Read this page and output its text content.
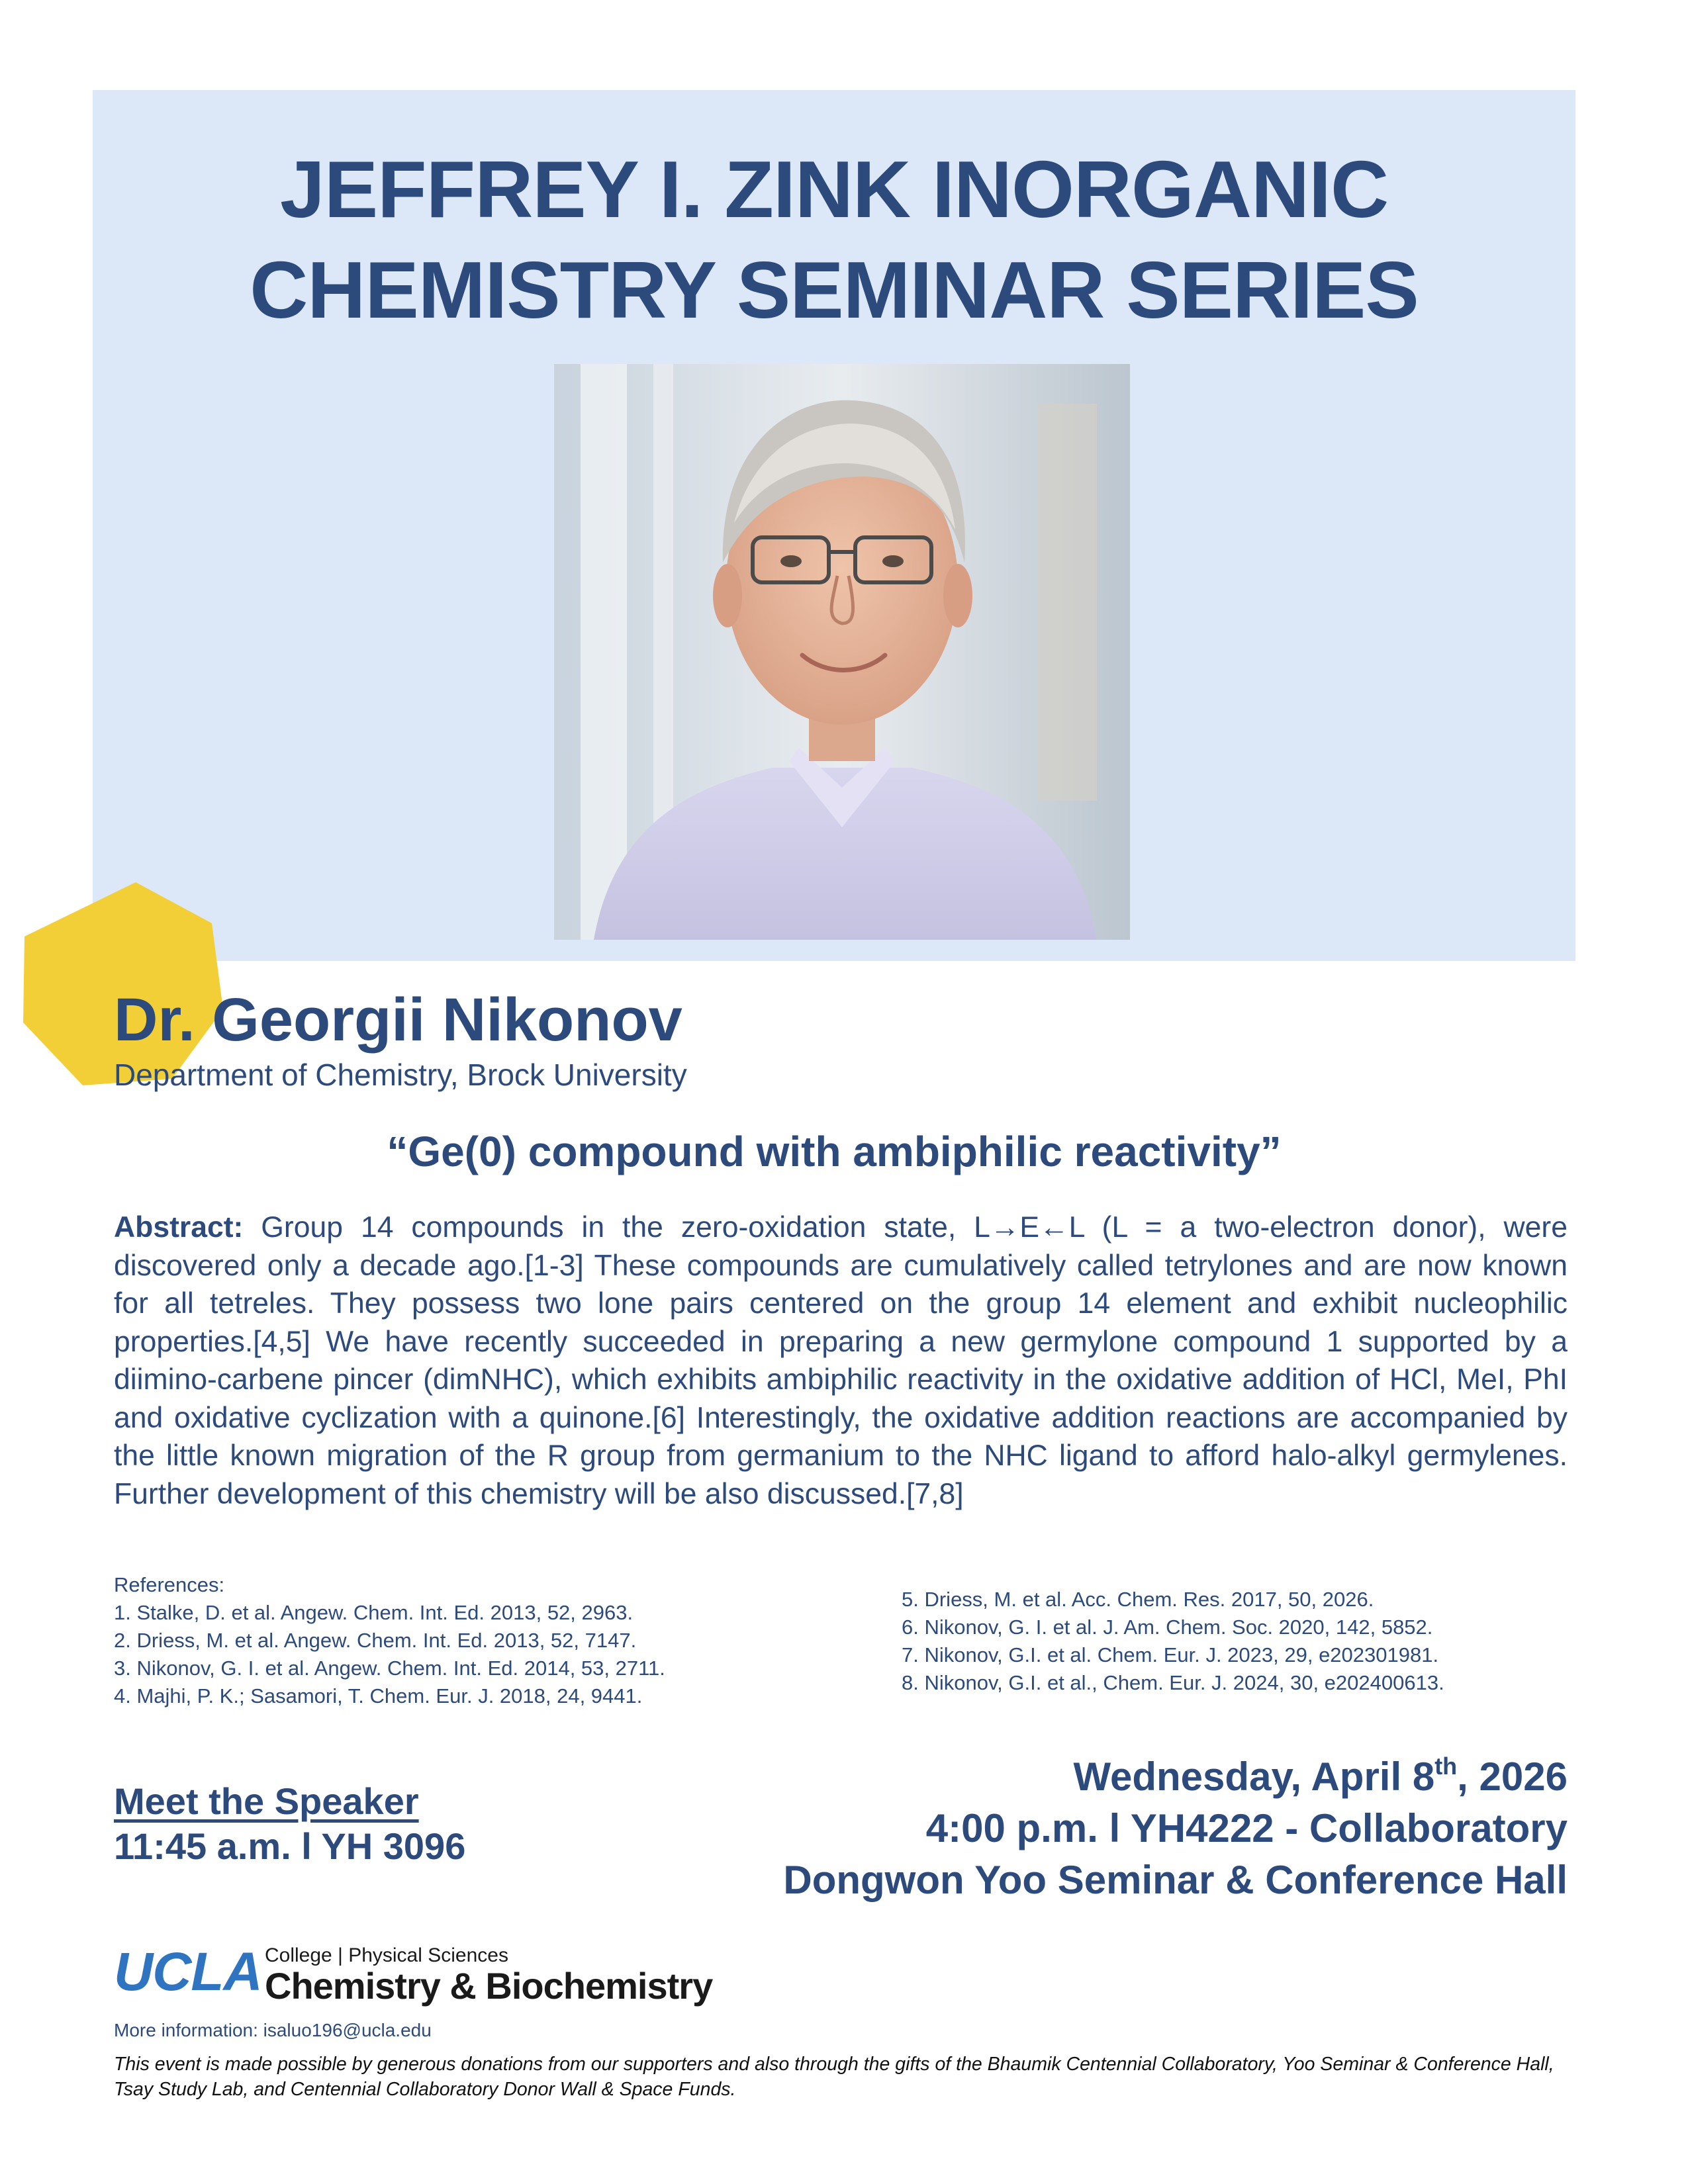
JEFFREY I. ZINK INORGANIC
CHEMISTRY SEMINAR SERIES
Dr. Georgii Nikonov
Department of Chemistry, Brock University
“Ge(0) compound with ambiphilic reactivity”

Abstract: Group 14 compounds in the zero-oxidation state, L→E←L (L = a two-electron donor), were discovered only a decade ago.[1-3] These compounds are cumulatively called tetrylones and are now known for all tetreles. They possess two lone pairs centered on the group 14 element and exhibit nucleophilic properties.[4,5] We have recently succeeded in preparing a new germylone compound 1 supported by a diimino-carbene pincer (dimNHC), which exhibits ambiphilic reactivity in the oxidative addition of HCl, MeI, PhI and oxidative cyclization with a quinone.[6] Interestingly, the oxidative addition reactions are accompanied by the little known migration of the R group from germanium to the NHC ligand to afford halo-alkyl germylenes. Further development of this chemistry will be also discussed.[7,8]

References:
1. Stalke, D. et al. Angew. Chem. Int. Ed. 2013, 52, 2963.
2. Driess, M. et al. Angew. Chem. Int. Ed. 2013, 52, 7147.
3. Nikonov, G. I. et al. Angew. Chem. Int. Ed. 2014, 53, 2711.
4. Majhi, P. K.; Sasamori, T. Chem. Eur. J. 2018, 24, 9441.
5. Driess, M. et al. Acc. Chem. Res. 2017, 50, 2026.
6. Nikonov, G. I. et al. J. Am. Chem. Soc. 2020, 142, 5852.
7. Nikonov, G.I. et al. Chem. Eur. J. 2023, 29, e202301981.
8. Nikonov, G.I. et al., Chem. Eur. J. 2024, 30, e202400613.
Meet the Speaker
11:45 a.m. l YH 3096
Wednesday, April 8th, 2026
4:00 p.m. l YH4222 - Collaboratory
Dongwon Yoo Seminar & Conference Hall
UCLA College | Physical Sciences
Chemistry & Biochemistry
More information: isaluo196@ucla.edu
This event is made possible by generous donations from our supporters and also through the gifts of the Bhaumik Centennial Collaboratory, Yoo Seminar & Conference Hall, Tsay Study Lab, and Centennial Collaboratory Donor Wall & Space Funds.
